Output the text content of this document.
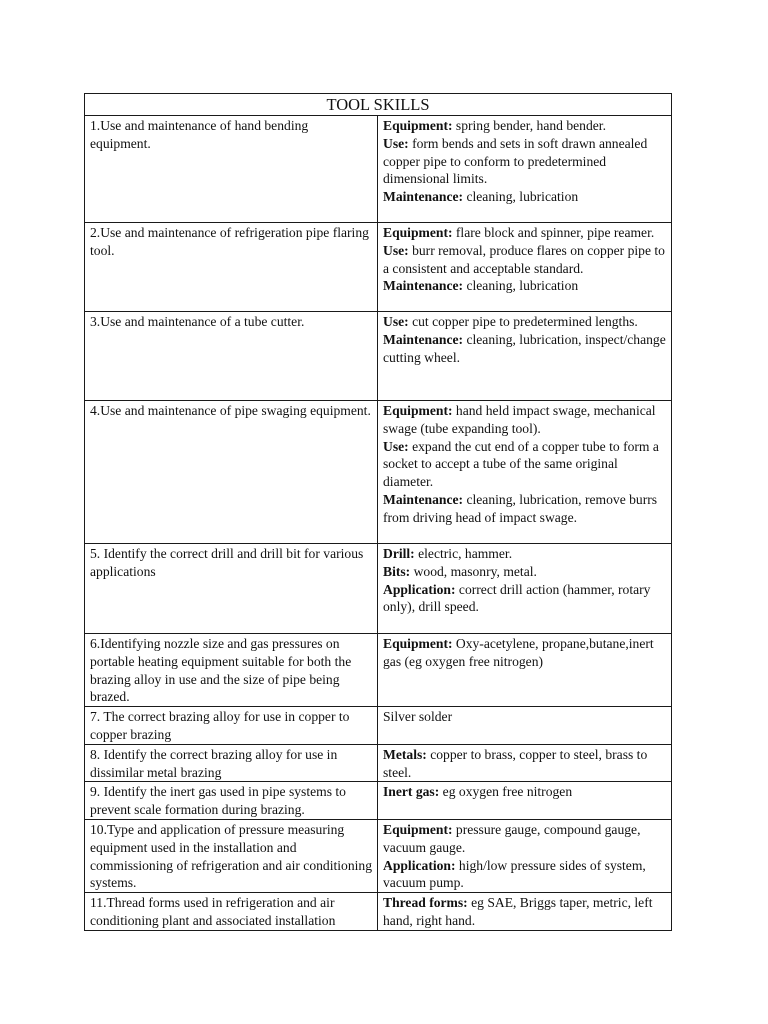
TOOL SKILLS	
1.Use and maintenance of hand bending equipment.	Equipment: spring bender, hand bender.
Use: form bends and sets in soft drawn annealed copper pipe to conform to predetermined dimensional limits.
Maintenance: cleaning, lubrication

2.Use and maintenance of refrigeration pipe flaring tool.	Equipment: flare block and spinner, pipe reamer.
Use: burr removal, produce flares on copper pipe to a consistent and acceptable standard.
Maintenance: cleaning, lubrication

3.Use and maintenance of a tube cutter.	Use: cut copper pipe to predetermined lengths.
Maintenance: cleaning, lubrication, inspect/change cutting wheel.

4.Use and maintenance of pipe swaging equipment.	Equipment: hand held impact swage, mechanical swage (tube expanding tool).
Use: expand the cut end of a copper tube to form a socket to accept a tube of the same original diameter.
Maintenance: cleaning, lubrication, remove burrs from driving head of impact swage.

5. Identify the correct drill and drill bit for various applications	Drill: electric, hammer.
Bits: wood, masonry, metal.
Application: correct drill action (hammer, rotary only), drill speed.

6.Identifying nozzle size and gas pressures on portable heating equipment suitable for both the brazing alloy in use and the size of pipe being brazed.	Equipment: Oxy-acetylene, propane,butane,inert gas (eg oxygen free nitrogen)

7. The correct brazing alloy for use in copper to copper brazing	Silver solder

8. Identify the correct brazing alloy for use in dissimilar metal brazing	Metals: copper to brass, copper to steel, brass to steel.

9. Identify the inert gas used in pipe systems to prevent scale formation during brazing.	Inert gas: eg oxygen free nitrogen

10.Type and application of pressure measuring equipment used in the installation and commissioning of refrigeration and air conditioning systems.	Equipment: pressure gauge, compound gauge, vacuum gauge.
Application: high/low pressure sides of system, vacuum pump.

11.Thread forms used in refrigeration and air conditioning plant and associated installation	Thread forms: eg SAE, Briggs taper, metric, left hand, right hand.
